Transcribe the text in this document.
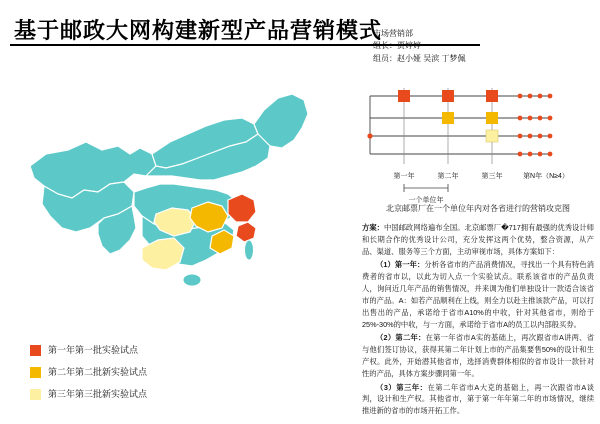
基于邮政大网构建新型产品营销模式
市场营销部
组长：贾婷婷
组员：赵小娅 吴滨 丁梦佩
第一年第一批实验试点
第二年第二批新实验试点
第三年第三批新实验试点
第一年	第二年	第三年	第N年（N≥4）
一个单位年
北京邮票厂在一个单位年内对各省进行的营销攻克图

方案：中国邮政网络遍布全国。北京邮票厂�717拥有最强的优秀设计师和长期合作的优秀设计公司，充分发挥这两个优势，整合资源，从产品、渠道、服务等三个方面，主动审视市场，具体方案如下：

（1）第一年：分析各省市的产品消费情况，寻找出一个具有特色消费者的省市以，以此为切入点一个实验试点。联系该省市的产品负责人，询问近几年产品的销售情况，并来调为他们单独设计一款适合该省市的产品。A：如若产品顺利在上线，则全力以赴主推该款产品，可以打出售出的产品，承诺给于省市A10%的中收，针对其他省市，则给于25%-30%的中收，与一方面，承诺给于省市A的员工以内部般买券。

（2）第二年：在第一年省市A实的基础上，再次跟省市A讲两、省与他们签订协议，获得其第二年计划上市的产品集要售50%的设计和生产权。此外，开始潜其他省市，选择消费群体相似的省市设计一款针对性的产品，具体方案步骤同第一年。

（3）第三年：在第二年省市A大克的基础上，再一次跟省市A谈判，设计和生产权。其他省市，第于第一年年第二年的市场情况，继续推进新的省市的市场开拓工作。
